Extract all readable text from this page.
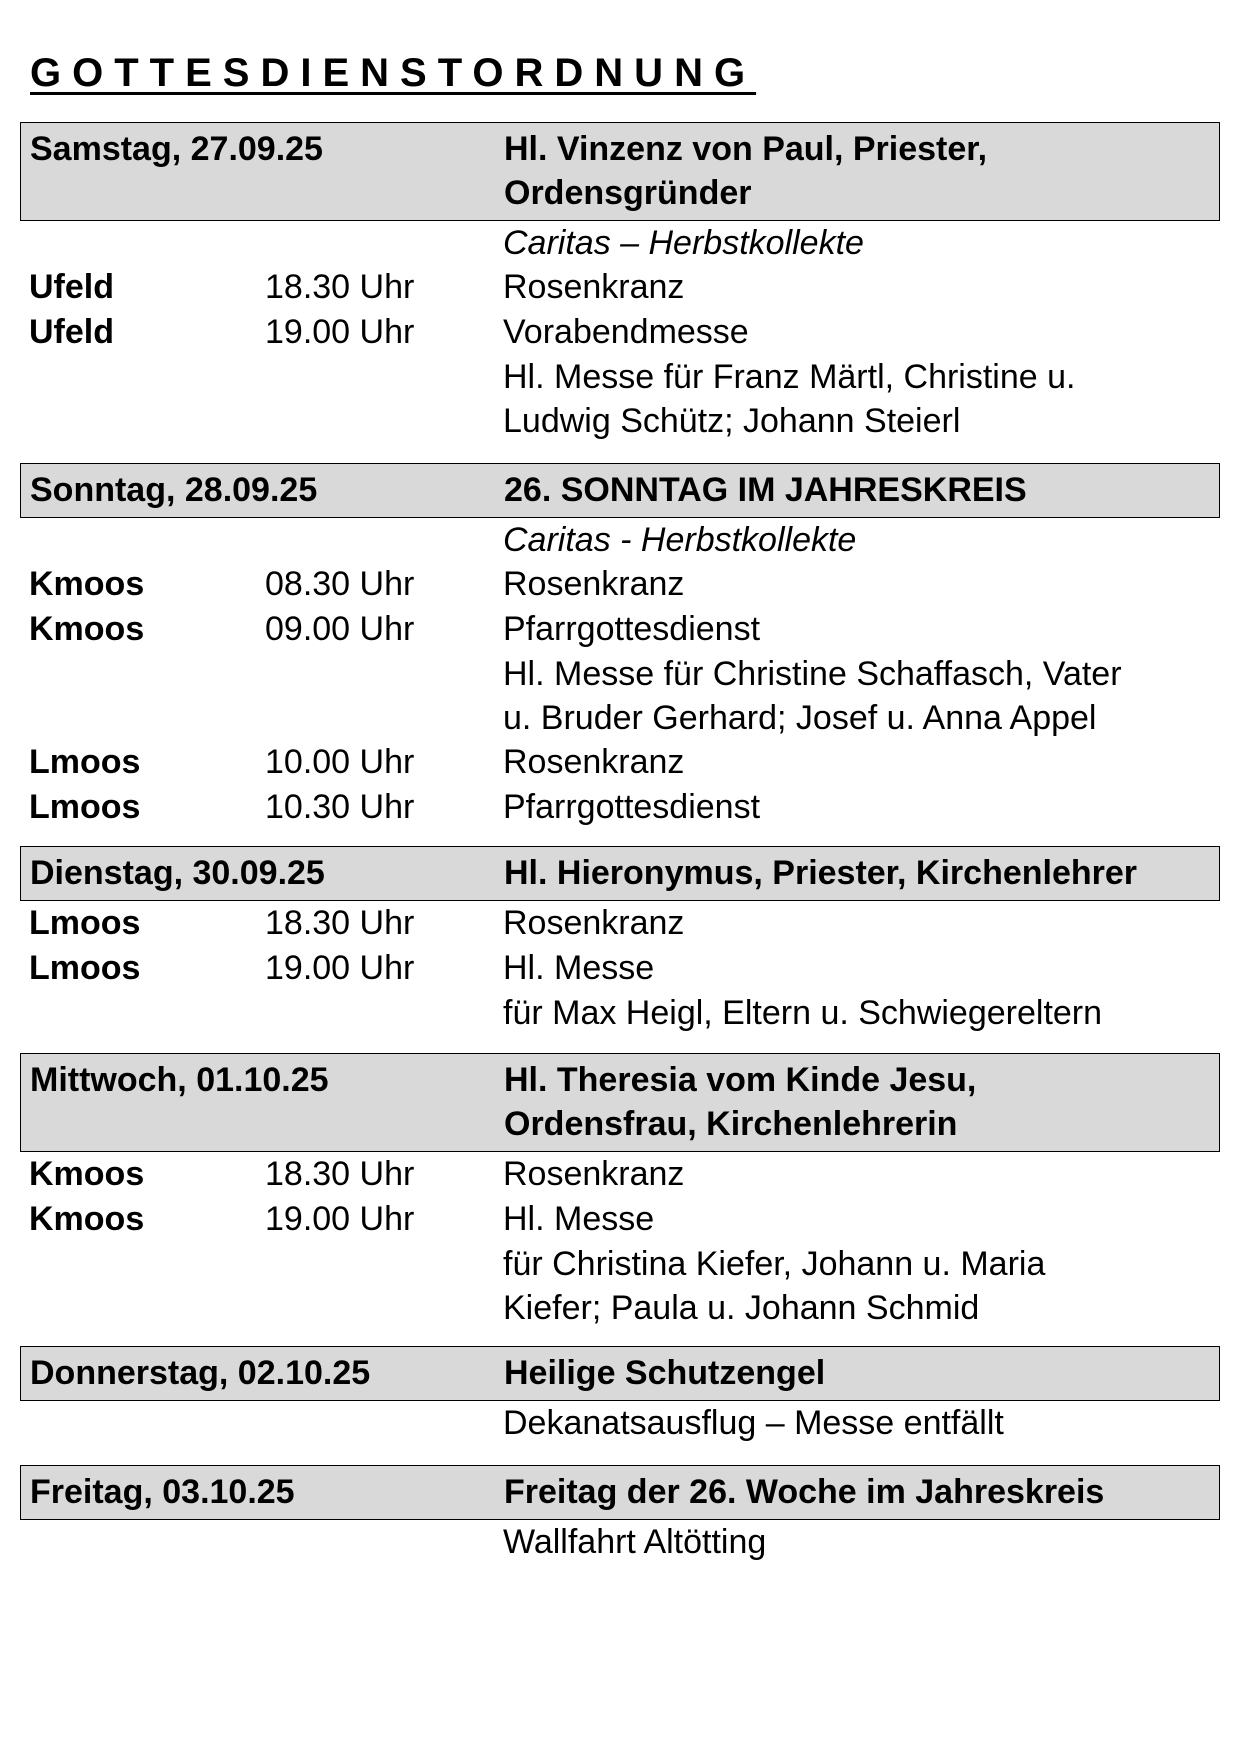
GOTTESDIENSTORDNUNG
Samstag, 27.09.25	Hl. Vinzenz von Paul, Priester,
Ordensgründer
Caritas – Herbstkollekte
Ufeld	18.30 Uhr	Rosenkranz
Ufeld	19.00 Uhr	Vorabendmesse
Hl. Messe für Franz Märtl, Christine u.
Ludwig Schütz; Johann Steierl
Sonntag, 28.09.25	26. SONNTAG IM JAHRESKREIS
Caritas - Herbstkollekte
Kmoos	08.30 Uhr	Rosenkranz
Kmoos	09.00 Uhr	Pfarrgottesdienst
Hl. Messe für Christine Schaffasch, Vater
u. Bruder Gerhard; Josef u. Anna Appel
Lmoos	10.00 Uhr	Rosenkranz
Lmoos	10.30 Uhr	Pfarrgottesdienst
Dienstag, 30.09.25	Hl. Hieronymus, Priester, Kirchenlehrer
Lmoos	18.30 Uhr	Rosenkranz
Lmoos	19.00 Uhr	Hl. Messe
für Max Heigl, Eltern u. Schwiegereltern
Mittwoch, 01.10.25	Hl. Theresia vom Kinde Jesu,
Ordensfrau, Kirchenlehrerin
Kmoos	18.30 Uhr	Rosenkranz
Kmoos	19.00 Uhr	Hl. Messe
für Christina Kiefer, Johann u. Maria
Kiefer; Paula u. Johann Schmid
Donnerstag, 02.10.25	Heilige Schutzengel
Dekanatsausflug – Messe entfällt
Freitag, 03.10.25	Freitag der 26. Woche im Jahreskreis
Wallfahrt Altötting
